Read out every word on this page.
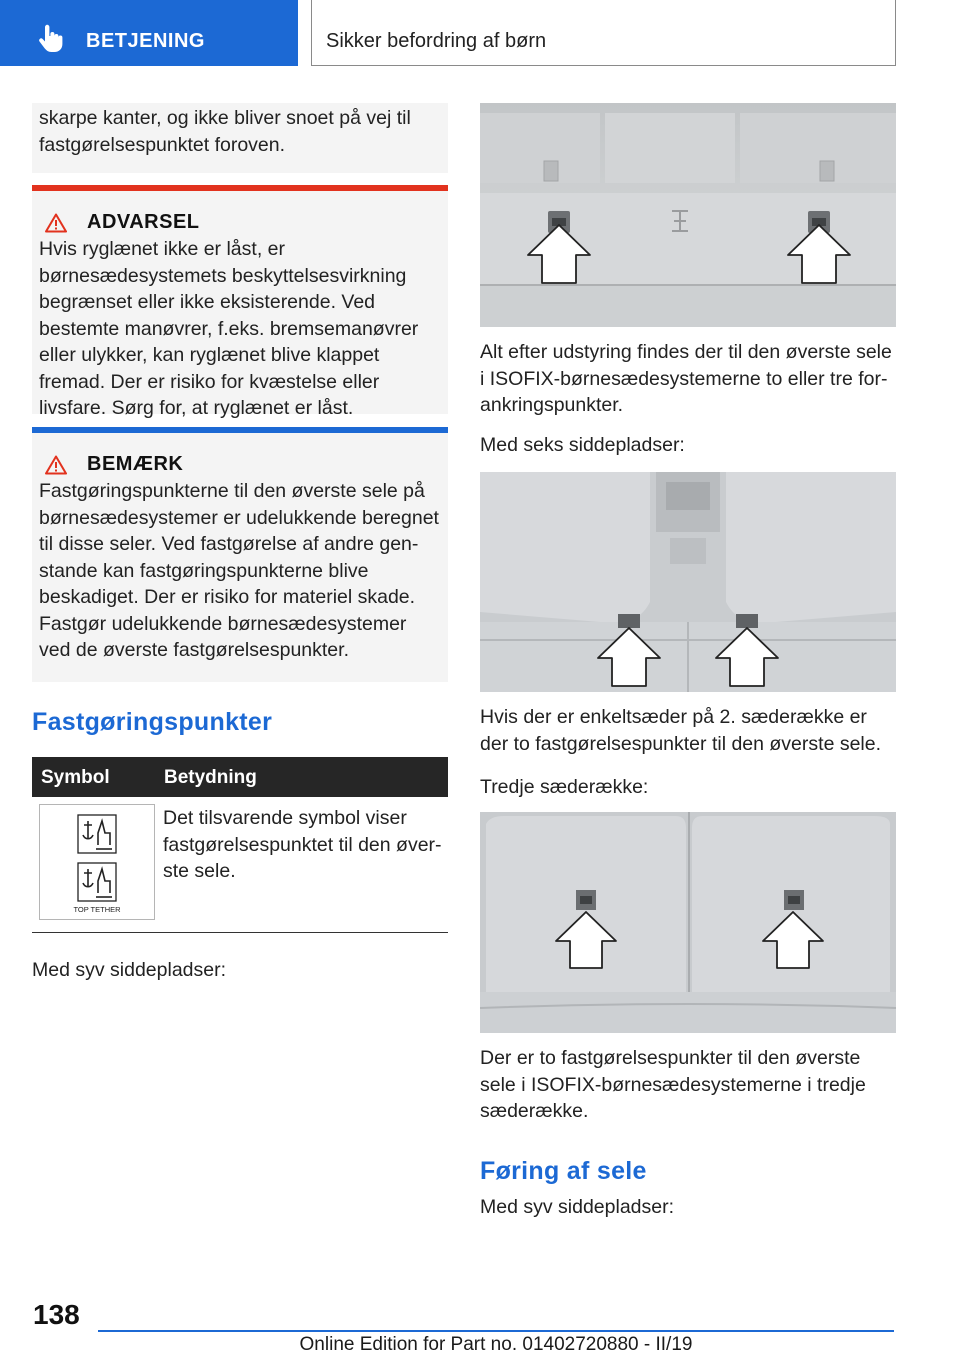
BETJENING	Sikker befordring af børn

skarpe kanter, og ikke bliver snoet på vej til fastgørelsespunktet foroven.

ADVARSEL

Hvis ryglænet ikke er låst, er børnesædesystemets beskyttelsesvirkning begrænset eller ikke eksisterende. Ved bestemte manøvrer, f.eks. bremsemanøvrer eller ulykker, kan ryglænet blive klappet fremad. Der er risiko for kvæstelse eller livsfare. Sørg for, at ryglænet er låst.

BEMÆRK

Fastgøringspunkterne til den øverste sele på børnesædesystemer er udelukkende beregnet til disse seler. Ved fastgørelse af andre genstande kan fastgøringspunkterne blive beskadiget. Der er risiko for materiel skade. Fastgør udelukkende børnesædesystemer ved de øverste fastgørelsespunkter.

Fastgøringspunkter
Symbol	Betydning
TOP TETHER

Det tilsvarende symbol viser fastgørelsespunktet til den øverste sele.

Med syv siddepladser:

Alt efter udstyring findes der til den øverste sele i ISOFIX-børnesædesystemerne to eller tre forankringspunkter.

Med seks siddepladser:

Hvis der er enkeltsæder på 2. sæderække er der to fastgørelsespunkter til den øverste sele.

Tredje sæderække:

Der er to fastgørelsespunkter til den øverste sele i ISOFIX-børnesædesystemerne i tredje sæderække.

Føring af sele

Med syv siddepladser:

138
Online Edition for Part no. 01402720880 - II/19
